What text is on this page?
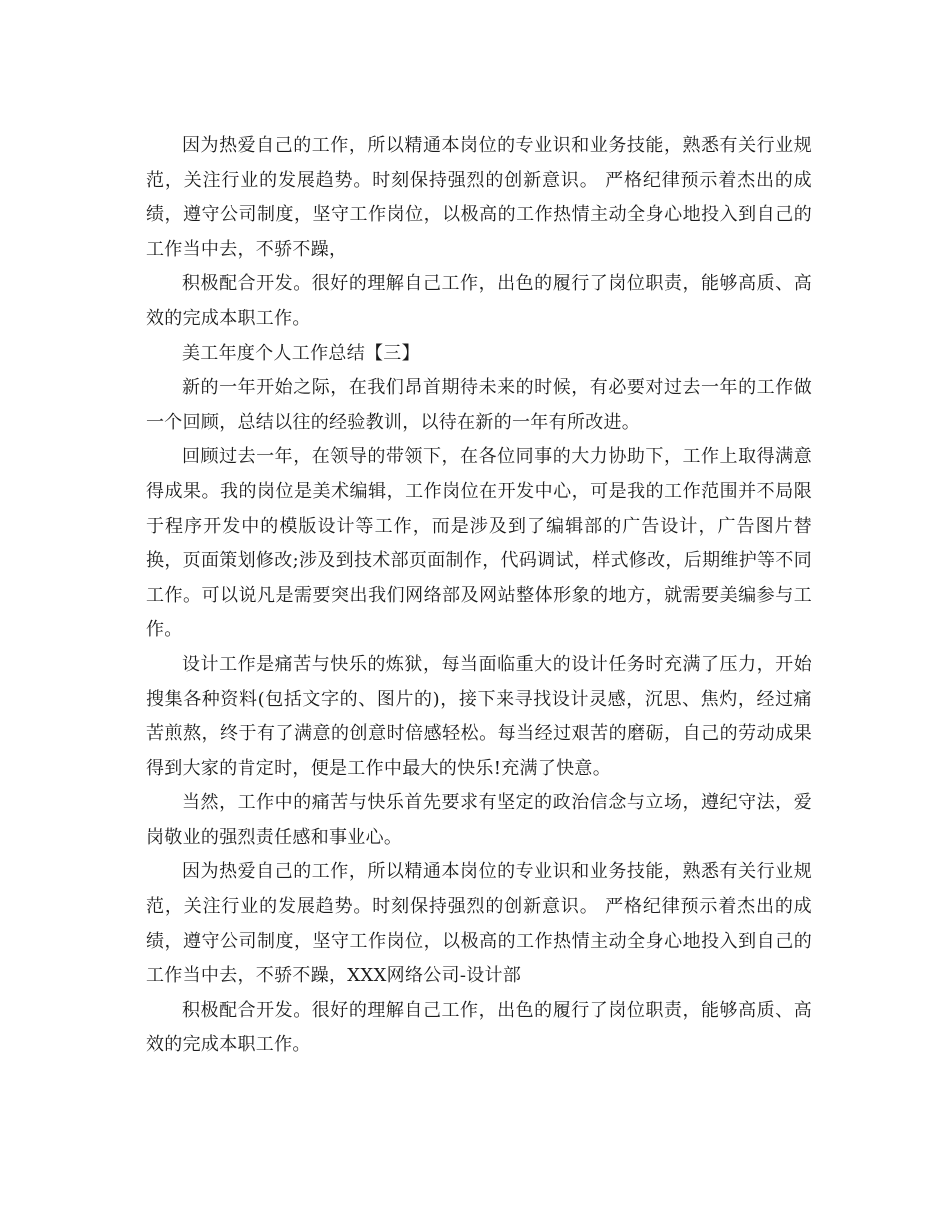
因为热爱自己的工作，所以精通本岗位的专业识和业务技能，熟悉有关行业规范，关注行业的发展趋势。时刻保持强烈的创新意识。 严格纪律预示着杰出的成绩，遵守公司制度，坚守工作岗位，以极高的工作热情主动全身心地投入到自己的工作当中去，不骄不躁，

积极配合开发。很好的理解自己工作，出色的履行了岗位职责，能够高质、高效的完成本职工作。

美工年度个人工作总结【三】

新的一年开始之际，在我们昂首期待未来的时候，有必要对过去一年的工作做一个回顾，总结以往的经验教训，以待在新的一年有所改进。

回顾过去一年，在领导的带领下，在各位同事的大力协助下，工作上取得满意得成果。我的岗位是美术编辑，工作岗位在开发中心，可是我的工作范围并不局限于程序开发中的模版设计等工作，而是涉及到了编辑部的广告设计，广告图片替换，页面策划修改;涉及到技术部页面制作，代码调试，样式修改，后期维护等不同工作。可以说凡是需要突出我们网络部及网站整体形象的地方，就需要美编参与工作。

设计工作是痛苦与快乐的炼狱，每当面临重大的设计任务时充满了压力，开始搜集各种资料(包括文字的、图片的)，接下来寻找设计灵感，沉思、焦灼，经过痛苦煎熬，终于有了满意的创意时倍感轻松。每当经过艰苦的磨砺，自己的劳动成果得到大家的肯定时，便是工作中最大的快乐!充满了快意。

当然，工作中的痛苦与快乐首先要求有坚定的政治信念与立场，遵纪守法，爱岗敬业的强烈责任感和事业心。

因为热爱自己的工作，所以精通本岗位的专业识和业务技能，熟悉有关行业规范，关注行业的发展趋势。时刻保持强烈的创新意识。 严格纪律预示着杰出的成绩，遵守公司制度，坚守工作岗位，以极高的工作热情主动全身心地投入到自己的工作当中去，不骄不躁，XXX网络公司-设计部

积极配合开发。很好的理解自己工作，出色的履行了岗位职责，能够高质、高效的完成本职工作。
